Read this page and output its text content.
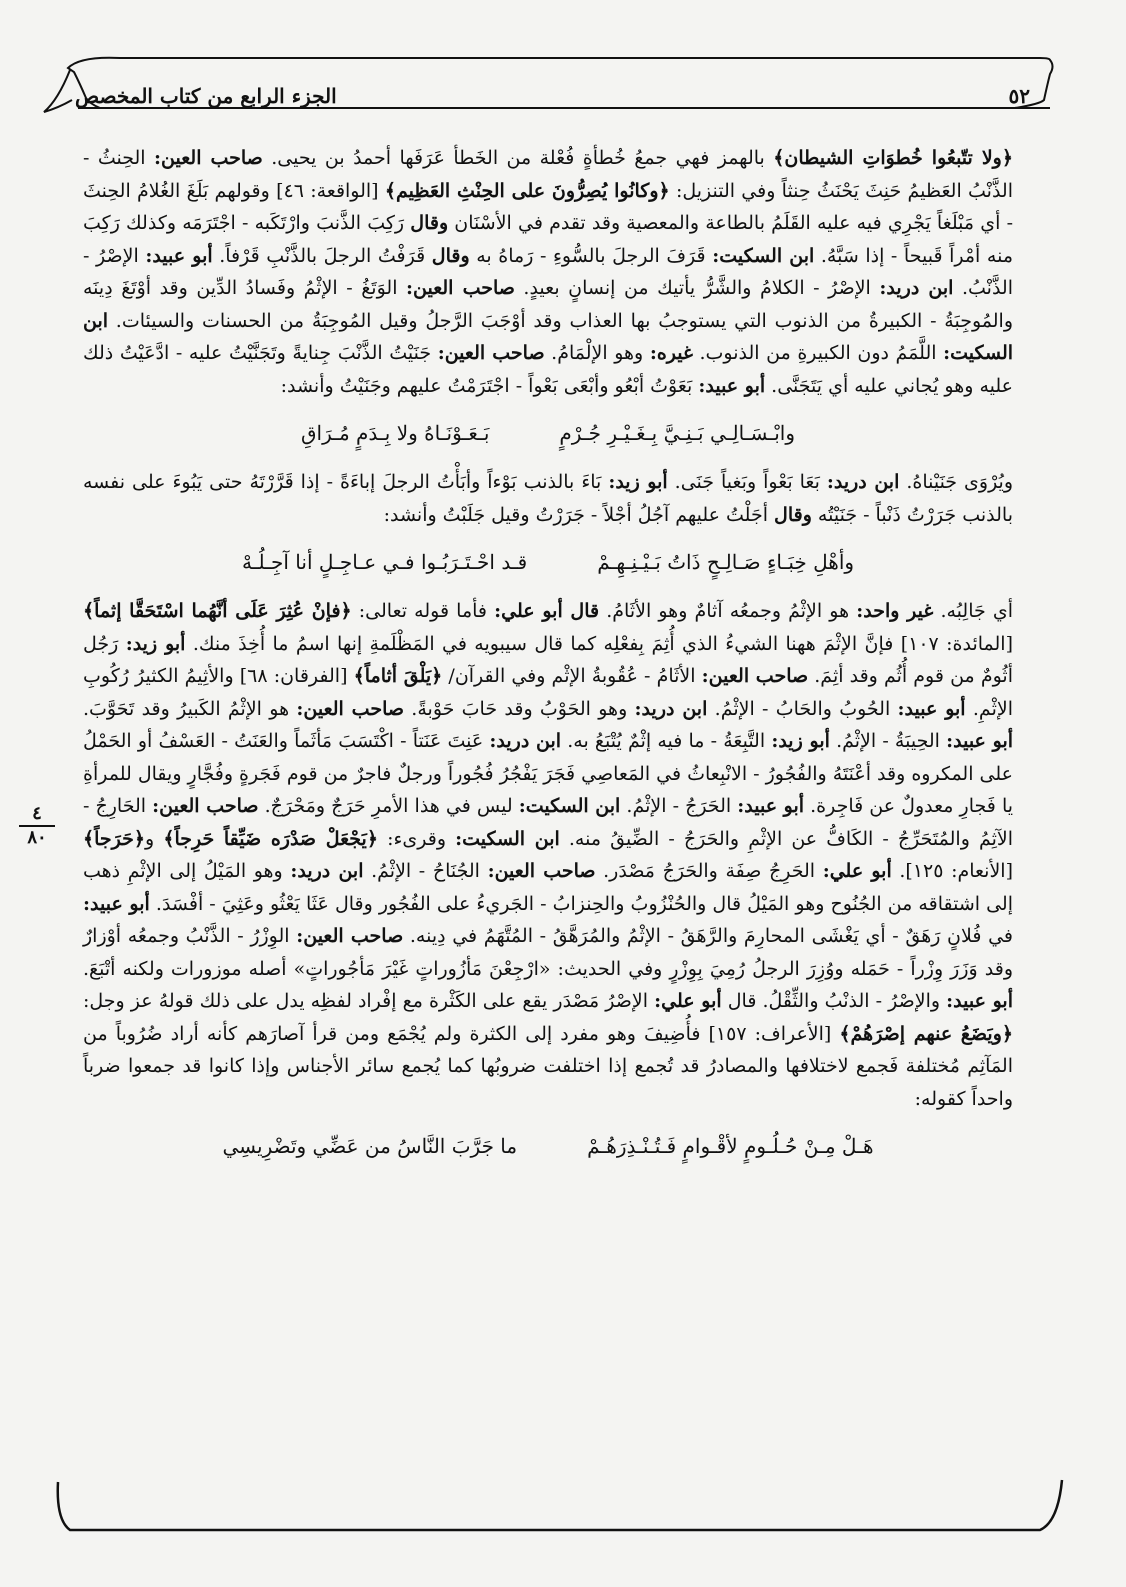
الجزء الرابع من كتاب المخصص	٥٢
٤
٨٠

﴿ولا تتّبعُوا خُطوَاتِ الشيطان﴾ بالهمز فهي جمعُ خُطأةٍ فُعْلة من الخَطأ عَرَفَها أحمدُ بن يحيى. صاحب العين: الحِنثُ - الذَّنْبُ العَظيمُ حَنِثَ يَحْنَثُ حِنثاً وفي التنزيل: ﴿وكانُوا يُصِرُّونَ على الحِنْثِ العَظِيم﴾ [الواقعة: ٤٦] وقولهم بَلَغَ الغُلامُ الحِنثَ - أي مَبْلَغاً يَجْرِي فيه عليه القَلَمُ بالطاعة والمعصية وقد تقدم في الأسْنَان وقال رَكِبَ الذَّنبَ وارْتَكَبه - اجْتَرَمَه وكذلك رَكِبَ منه أمْراً قَبيحاً - إذا سَبَّهُ. ابن السكيت: قَرَفَ الرجلَ بالسُّوءِ - رَماهُ به وقال قَرَفْتُ الرجلَ بالذَّنْبِ قَرْفاً. أبو عبيد: الإصْرُ - الذَّنْبُ. ابن دريد: الإصْرُ - الكلامُ والشَّرُّ يأتيك من إنسانٍ بعيدٍ. صاحب العين: الوَتَغُ - الإثْمُ وفَسادُ الدِّين وقد أوْتَغَ دِينَه والمُوجِبَةُ - الكبيرةُ من الذنوب التي يستوجبُ بها العذاب وقد أوْجَبَ الرَّجلُ وقيل المُوجِبَةُ من الحسنات والسيئات. ابن السكيت: اللَّمَمُ دون الكبيرةِ من الذنوب. غيره: وهو الإلْمَامُ. صاحب العين: جَنَيْتُ الذَّنْبَ جِنايةً وتَجَنَّيْتُ عليه - ادَّعَيْتُ ذلك عليه وهو يُجاني عليه أي يَتَجَنَّى. أبو عبيد: بَعَوْتُ أبْعُو وأبْعَى بَعْواً - اجْتَرَمْتُ عليهم وجَنَيْتُ وأنشد:

وابْـسَـالِـي بَـنِـيَّ بِـغَـيْـرِ جُـرْمٍ
بَـعَـوْنَـاهُ ولا بِـدَمٍ مُـرَاقِ

ويُرْوَى جَنَيْناهُ. ابن دريد: بَعَا بَعْواً وبَغياً جَنَى. أبو زيد: بَاءَ بالذنب بَوْءاً وأبَأْتُ الرجلَ إباءَةً - إذا قَرَّرْتَهُ حتى يَبُوءَ على نفسه بالذنب جَرَرْتُ ذَنْباً - جَنَيْتُه وقال أجَلْتُ عليهم آجُلُ أجْلاً - جَرَرْتُ وقيل جَلَبْتُ وأنشد:

وأهْلِ خِبَـاءٍ صَـالِـحٍ ذَاتُ بَـيْـنِـهِـمْ
قـد احْـتَـرَبُـوا فـي عـاجِـلٍ أنا آجِـلُـهْ

أي جَالِبُه. غير واحد: هو الإثْمُ وجمعُه آثامٌ وهو الأثَامُ. قال أبو علي: فأما قوله تعالى: ﴿فإنْ عُثِرَ عَلَى أنَّهُما اسْتَحَقَّا إثماً﴾ [المائدة: ١٠٧] فإنَّ الإثْمَ ههنا الشيءُ الذي أُثِمَ بِفعْلِه كما قال سيبويه في المَظْلَمةِ إنها اسمُ ما أُخِذَ منك. أبو زيد: رَجُل أثُومٌ من قوم أُثُم وقد أثِمَ. صاحب العين: الأثَامُ - عُقُوبةُ الإثْم وفي القرآن/ ﴿يَلْقَ أثاماً﴾ [الفرقان: ٦٨] والأثِيمُ الكثيرُ رُكُوبِ الإثْمِ. أبو عبيد: الحُوبُ والحَابُ - الإثْمُ. ابن دريد: وهو الحَوْبُ وقد حَابَ حَوْبةً. صاحب العين: هو الإثْمُ الكَبيرُ وقد تَحَوَّبَ. أبو عبيد: الحِيبَةُ - الإثْمُ. أبو زيد: التَّبِعَةُ - ما فيه إثْمٌ يُتْبَعُ به. ابن دريد: عَنِتَ عَنَتاً - اكْتَسَبَ مَأثَماً والعَنَتُ - العَسْفُ أو الحَمْلُ على المكروه وقد أعْنَتَهُ والفُجُورُ - الانْبِعاثُ في المَعاصِي فَجَرَ يَفْجُرُ فُجُوراً ورجلٌ فاجرٌ من قوم فَجَرةٍ وفُجَّارٍ ويقال للمرأةِ يا فَجارِ معدولٌ عن فَاجِرة. أبو عبيد: الحَرَجُ - الإثْمُ. ابن السكيت: ليس في هذا الأمرِ حَرَجٌ ومَحْرَجٌ. صاحب العين: الحَارِجُ - الآثِمُ والمُتَحَرِّجُ - الكَافُّ عن الإثْمِ والحَرَجُ - الضِّيقُ منه. ابن السكيت: وقرىء: ﴿يَجْعَلْ صَدْرَه ضَيِّقاً حَرِجاً﴾ و﴿حَرَجاً﴾ [الأنعام: ١٢٥]. أبو علي: الحَرِجُ صِفَة والحَرَجُ مَصْدَر. صاحب العين: الجُنَاحُ - الإثْمُ. ابن دريد: وهو المَيْلُ إلى الإثْمِ ذهب إلى اشتقاقه من الجُنُوح وهو المَيْلُ قال والحُنْزُوبُ والحِنزابُ - الجَريءُ على الفُجُور وقال عَثَا يَعْثُو وعَثِيَ - أفْسَدَ. أبو عبيد: في فُلانٍ رَهَقٌ - أي يَغْشَى المحارِمَ والرَّهَقُ - الإثْمُ والمُرَهَّقُ - المُتَّهَمُ في دِينه. صاحب العين: الوِزْرُ - الذَّنْبُ وجمعُه أوْزارٌ وقد وَزَرَ وِزْراً - حَمَله ووُزِرَ الرجلُ رُمِيَ بِوِزْرٍ وفي الحديث: «ارْجِعْنَ مَأزُوراتٍ غَيْرَ مَأجُوراتٍ» أصله موزورات ولكنه أتْبَعَ. أبو عبيد: والإصْرُ - الذنْبُ والثِّقْلُ. قال أبو علي: الإصْرُ مَصْدَر يقع على الكَثْرة مع إفْراد لفظِه يدل على ذلك قولهُ عز وجل: ﴿ويَضَعُ عنهم إصْرَهُمْ﴾ [الأعراف: ١٥٧] فأُضِيفَ وهو مفرد إلى الكثرة ولم يُجْمَع ومن قرأ آصارَهم كأنه أراد ضُرُوباً من المَآثِم مُختلفة فَجمع لاختلافها والمصادرُ قد تُجمع إذا اختلفت ضروبُها كما يُجمع سائر الأجناس وإذا كانوا قد جمعوا ضرباً واحداً كقوله:

هَـلْ مِـنْ حُـلُـومٍ لأقْـوامٍ فَـتُـنْـذِرَهُـمْ
ما جَرَّبَ النَّاسُ من عَضِّي وتَضْرِيسِي
